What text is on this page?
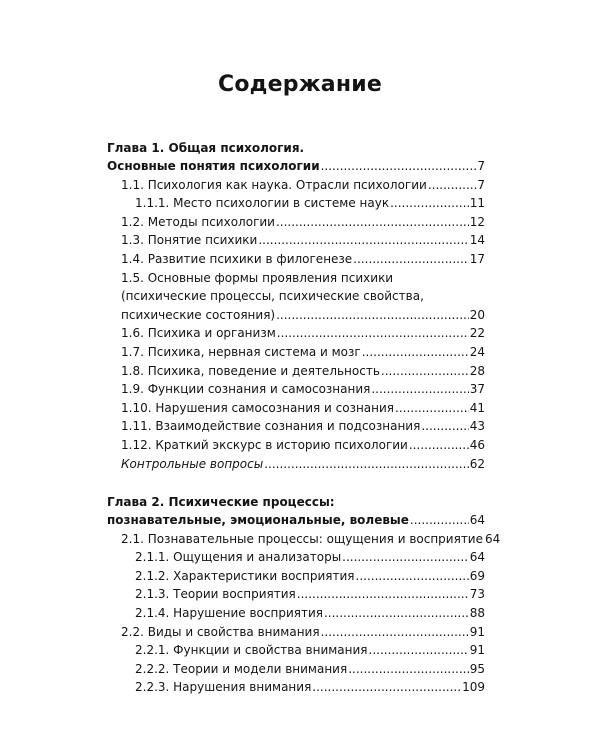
Содержание
Глава 1. Общая психология.
Основные понятия психологии .....	7
1.1. Психология как наука. Отрасли психологии .....	7
1.1.1. Место психологии в системе наук .....	11
1.2. Методы психологии .....	12
1.3. Понятие психики .....	14
1.4. Развитие психики в филогенезе .....	17
1.5. Основные формы проявления психики
(психические процессы, психические свойства,
психические состояния) .....	20
1.6. Психика и организм .....	22
1.7. Психика, нервная система и мозг .....	24
1.8. Психика, поведение и деятельность .....	28
1.9. Функции сознания и самосознания .....	37
1.10. Нарушения самосознания и сознания .....	41
1.11. Взаимодействие сознания и подсознания .....	43
1.12. Краткий экскурс в историю психологии .....	46
Контрольные вопросы .....	62
Глава 2. Психические процессы:
познавательные, эмоциональные, волевые .....	64
2.1. Познавательные процессы: ощущения и восприятие 64
2.1.1. Ощущения и анализаторы .....	64
2.1.2. Характеристики восприятия .....	69
2.1.3. Теории восприятия .....	73
2.1.4. Нарушение восприятия .....	88
2.2. Виды и свойства внимания .....	91
2.2.1. Функции и свойства внимания .....	91
2.2.2. Теории и модели внимания .....	95
2.2.3. Нарушения внимания .....	109
